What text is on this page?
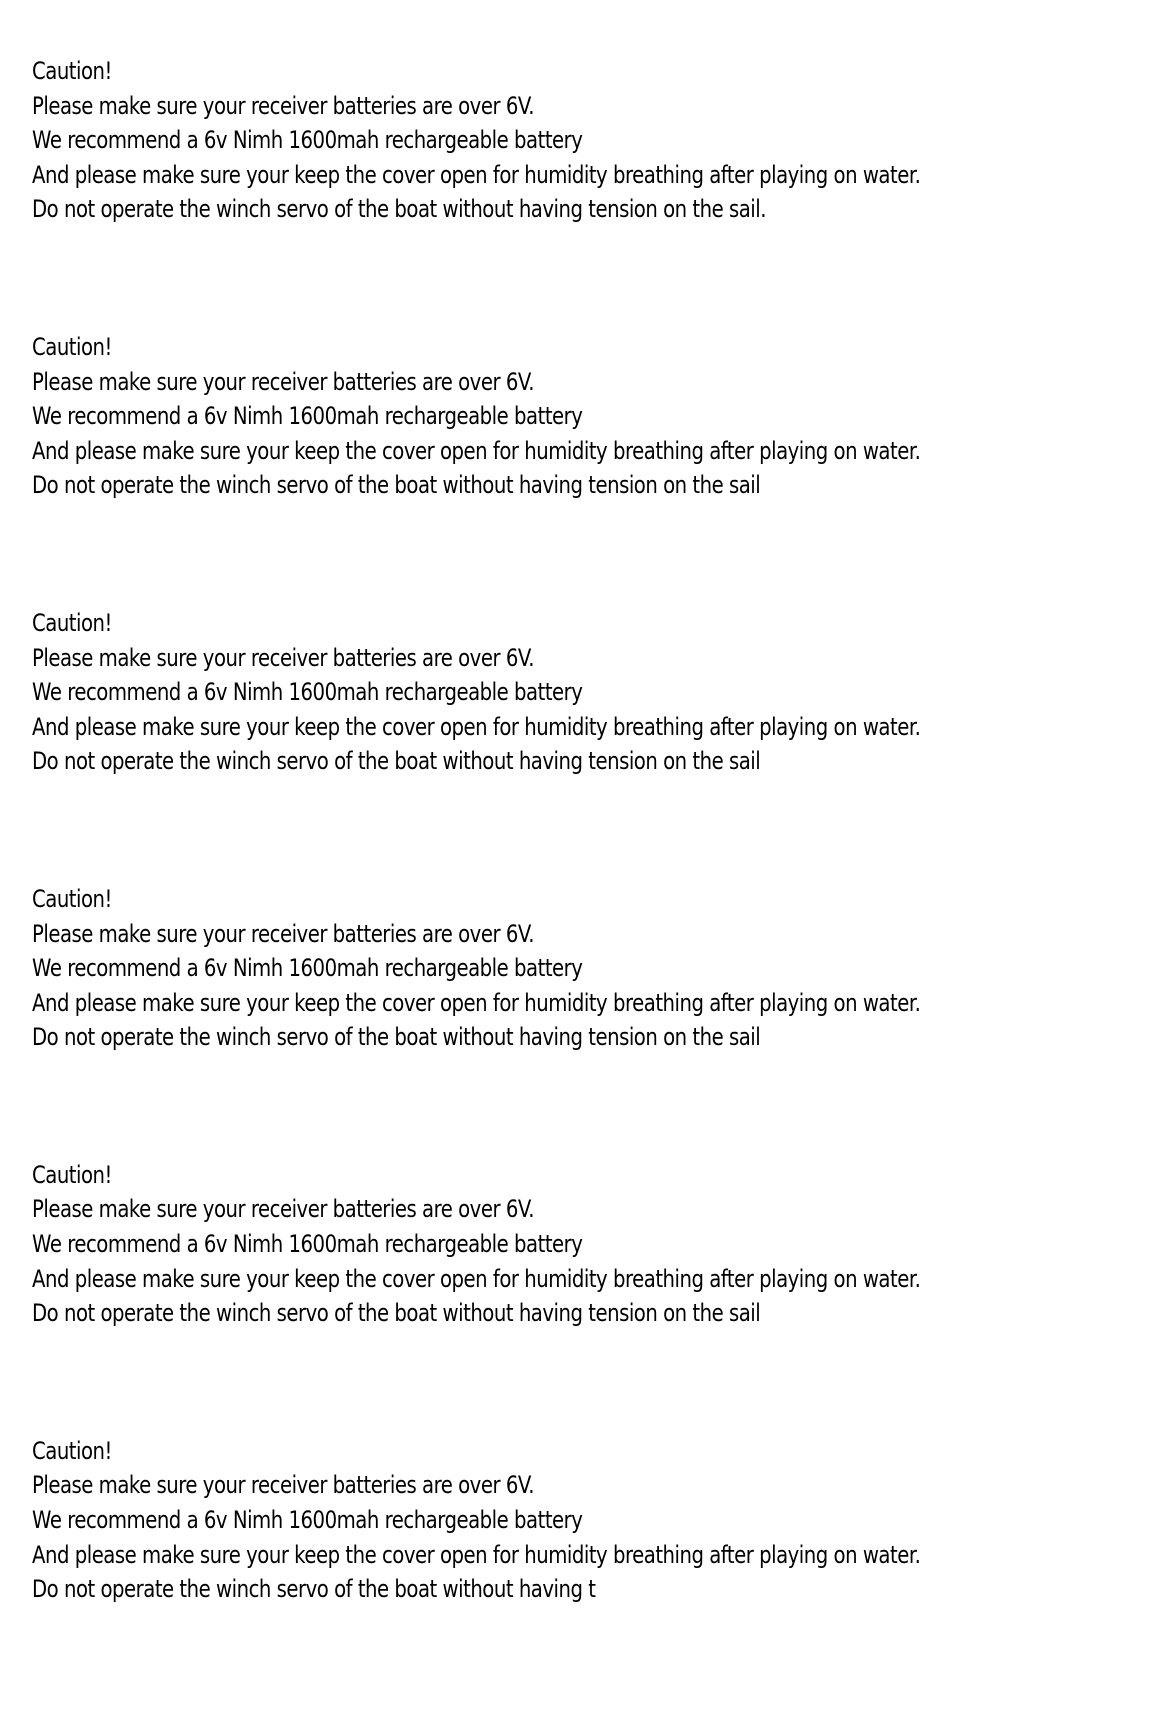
Caution!
Please make sure your receiver batteries are over 6V.
We recommend a 6v Nimh 1600mah rechargeable battery
And please make sure your keep the cover open for humidity breathing after playing on water.
Do not operate the winch servo of the boat without having tension on the sail.
Caution!
Please make sure your receiver batteries are over 6V.
We recommend a 6v Nimh 1600mah rechargeable battery
And please make sure your keep the cover open for humidity breathing after playing on water.
Do not operate the winch servo of the boat without having tension on the sail
Caution!
Please make sure your receiver batteries are over 6V.
We recommend a 6v Nimh 1600mah rechargeable battery
And please make sure your keep the cover open for humidity breathing after playing on water.
Do not operate the winch servo of the boat without having tension on the sail
Caution!
Please make sure your receiver batteries are over 6V.
We recommend a 6v Nimh 1600mah rechargeable battery
And please make sure your keep the cover open for humidity breathing after playing on water.
Do not operate the winch servo of the boat without having tension on the sail
Caution!
Please make sure your receiver batteries are over 6V.
We recommend a 6v Nimh 1600mah rechargeable battery
And please make sure your keep the cover open for humidity breathing after playing on water.
Do not operate the winch servo of the boat without having tension on the sail
Caution!
Please make sure your receiver batteries are over 6V.
We recommend a 6v Nimh 1600mah rechargeable battery
And please make sure your keep the cover open for humidity breathing after playing on water.
Do not operate the winch servo of the boat without having t
